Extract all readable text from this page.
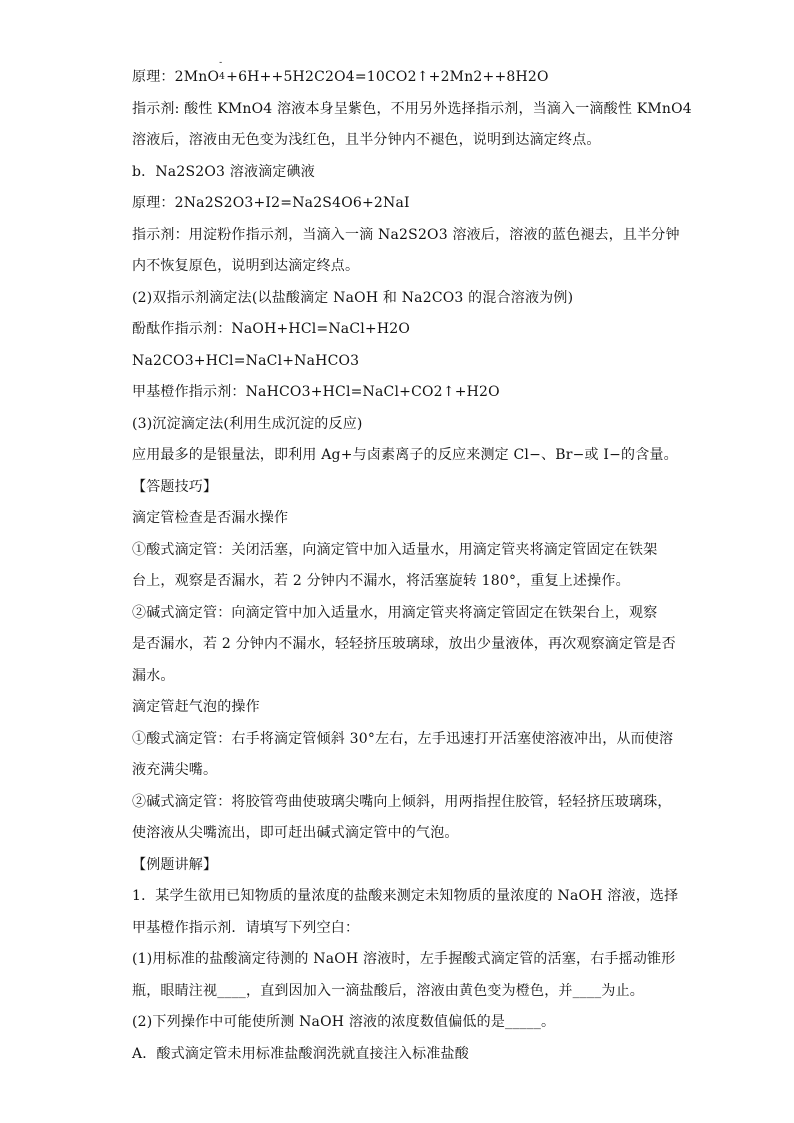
原理：2MnO
-
4 +6H++5H2C2O4=10CO2↑+2Mn2++8H2O
指示剂: 酸性 KMnO4 溶液本身呈紫色，不用另外选择指示剂，当滴入一滴酸性 KMnO4
溶液后，溶液由无色变为浅红色，且半分钟内不褪色，说明到达滴定终点。
b．Na2S2O3 溶液滴定碘液
原理：2Na2S2O3+I2=Na2S4O6+2NaI
指示剂：用淀粉作指示剂，当滴入一滴 Na2S2O3 溶液后，溶液的蓝色褪去，且半分钟
内不恢复原色，说明到达滴定终点。
(2)双指示剂滴定法(以盐酸滴定 NaOH 和 Na2CO3 的混合溶液为例)
酚酞作指示剂：NaOH+HCl=NaCl+H2O
Na2CO3+HCl=NaCl+NaHCO3
甲基橙作指示剂：NaHCO3+HCl=NaCl+CO2↑+H2O
(3)沉淀滴定法(利用生成沉淀的反应)
应用最多的是银量法，即利用 Ag+与卤素离子的反应来测定 Cl−、Br−或 I−的含量。
【答题技巧】
滴定管检查是否漏水操作
①酸式滴定管：关闭活塞，向滴定管中加入适量水，用滴定管夹将滴定管固定在铁架
台上，观察是否漏水，若 2 分钟内不漏水，将活塞旋转 180°，重复上述操作。
②碱式滴定管：向滴定管中加入适量水，用滴定管夹将滴定管固定在铁架台上，观察
是否漏水，若 2 分钟内不漏水，轻轻挤压玻璃球，放出少量液体，再次观察滴定管是否
漏水。
滴定管赶气泡的操作
①酸式滴定管：右手将滴定管倾斜 30°左右，左手迅速打开活塞使溶液冲出，从而使溶
液充满尖嘴。
②碱式滴定管：将胶管弯曲使玻璃尖嘴向上倾斜，用两指捏住胶管，轻轻挤压玻璃珠，
使溶液从尖嘴流出，即可赶出碱式滴定管中的气泡。
【例题讲解】
1．某学生欲用已知物质的量浓度的盐酸来测定未知物质的量浓度的 NaOH 溶液，选择
甲基橙作指示剂．请填写下列空白：
(1)用标准的盐酸滴定待测的 NaOH 溶液时，左手握酸式滴定管的活塞，右手摇动锥形
瓶，眼睛注视____，直到因加入一滴盐酸后，溶液由黄色变为橙色，并____为止。
(2)下列操作中可能使所测 NaOH 溶液的浓度数值偏低的是_____。
A．酸式滴定管未用标准盐酸润洗就直接注入标准盐酸
